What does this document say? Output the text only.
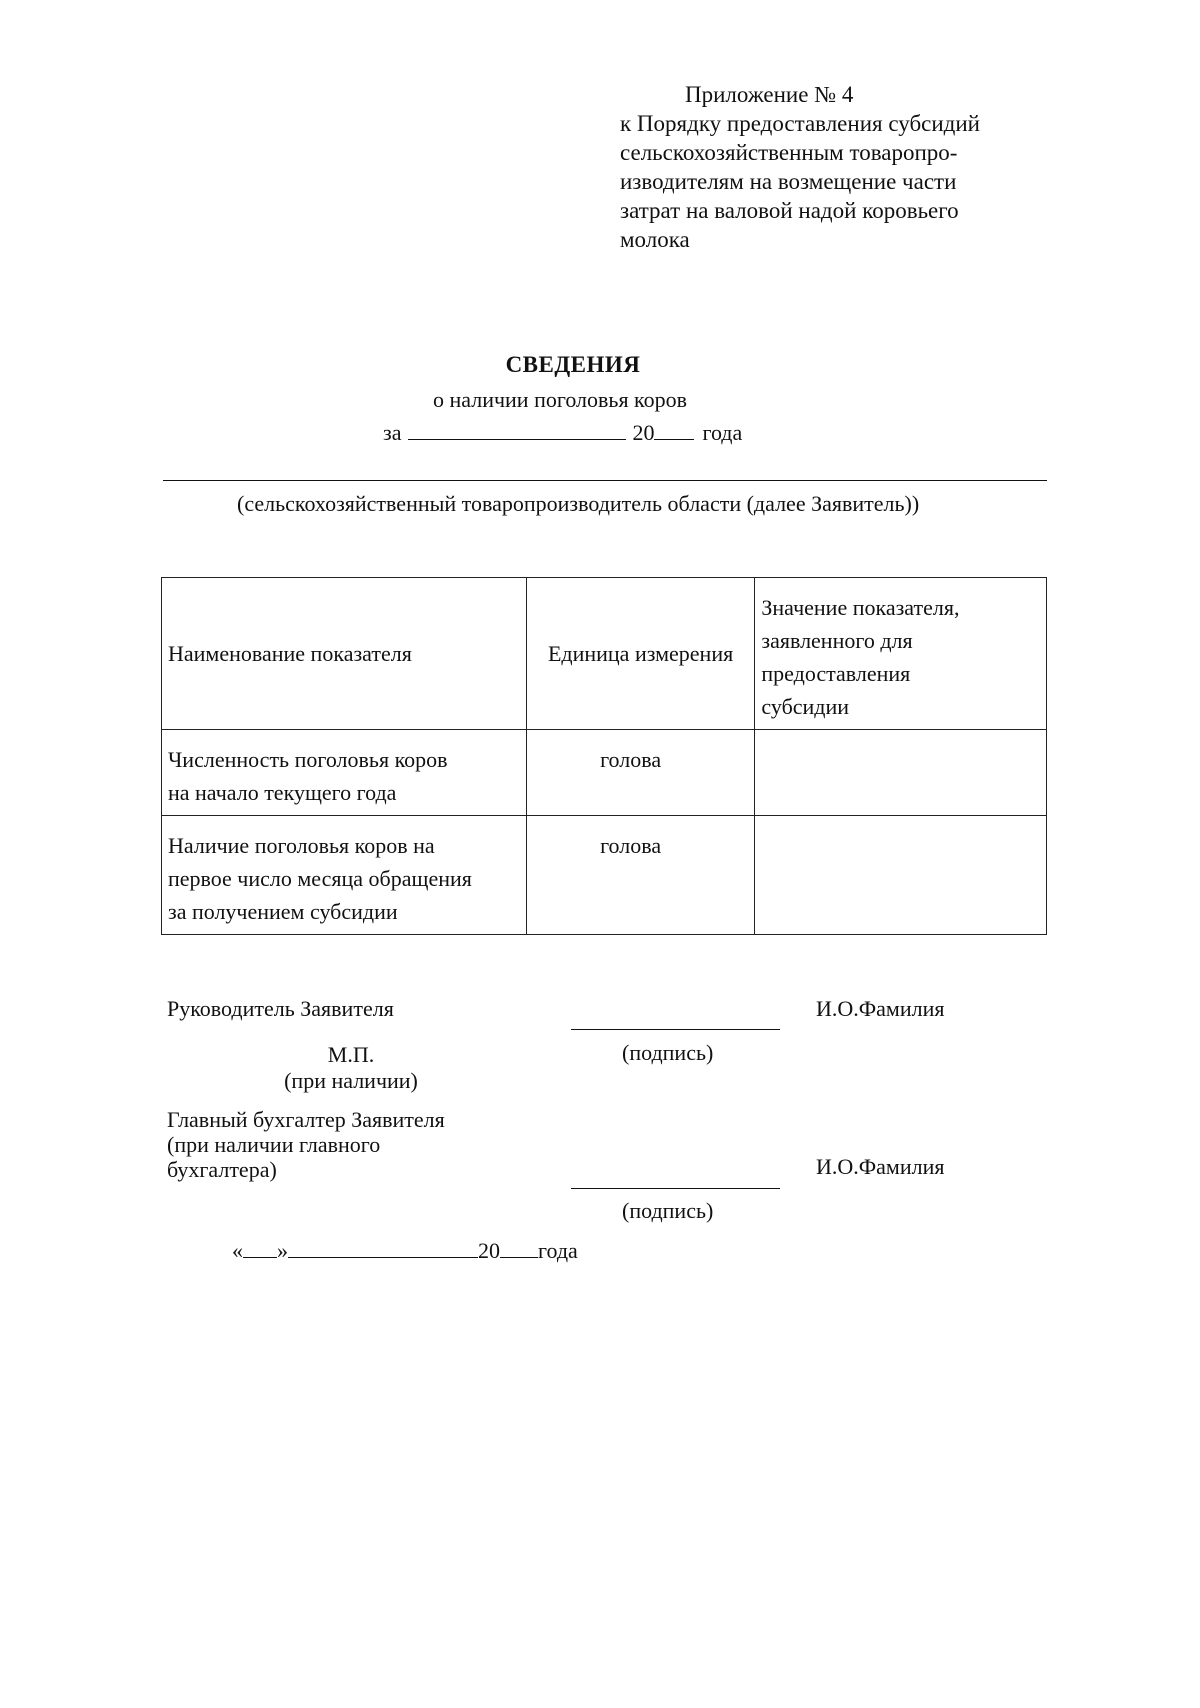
Приложение № 4
к Порядку предоставления субсидий
сельскохозяйственным товаропро-
изводителям на возмещение части
затрат на валовой надой коровьего
молока
СВЕДЕНИЯ
о наличии поголовья коров
за	20 года
(сельскохозяйственный товаропроизводитель области (далее Заявитель))
Наименование показателя	Единица измерения	Значение показателя,
заявленного для
предоставления
субсидии

Численность поголовья коров
на начало текущего года	голова	

Наличие поголовья коров на
первое число месяца обращения
за получением субсидии	голова	
Руководитель Заявителя	И.О.Фамилия
(подпись)
М.П.
(при наличии)
Главный бухгалтер Заявителя
(при наличии главного
бухгалтера)	И.О.Фамилия
(подпись)
« »	20 года
